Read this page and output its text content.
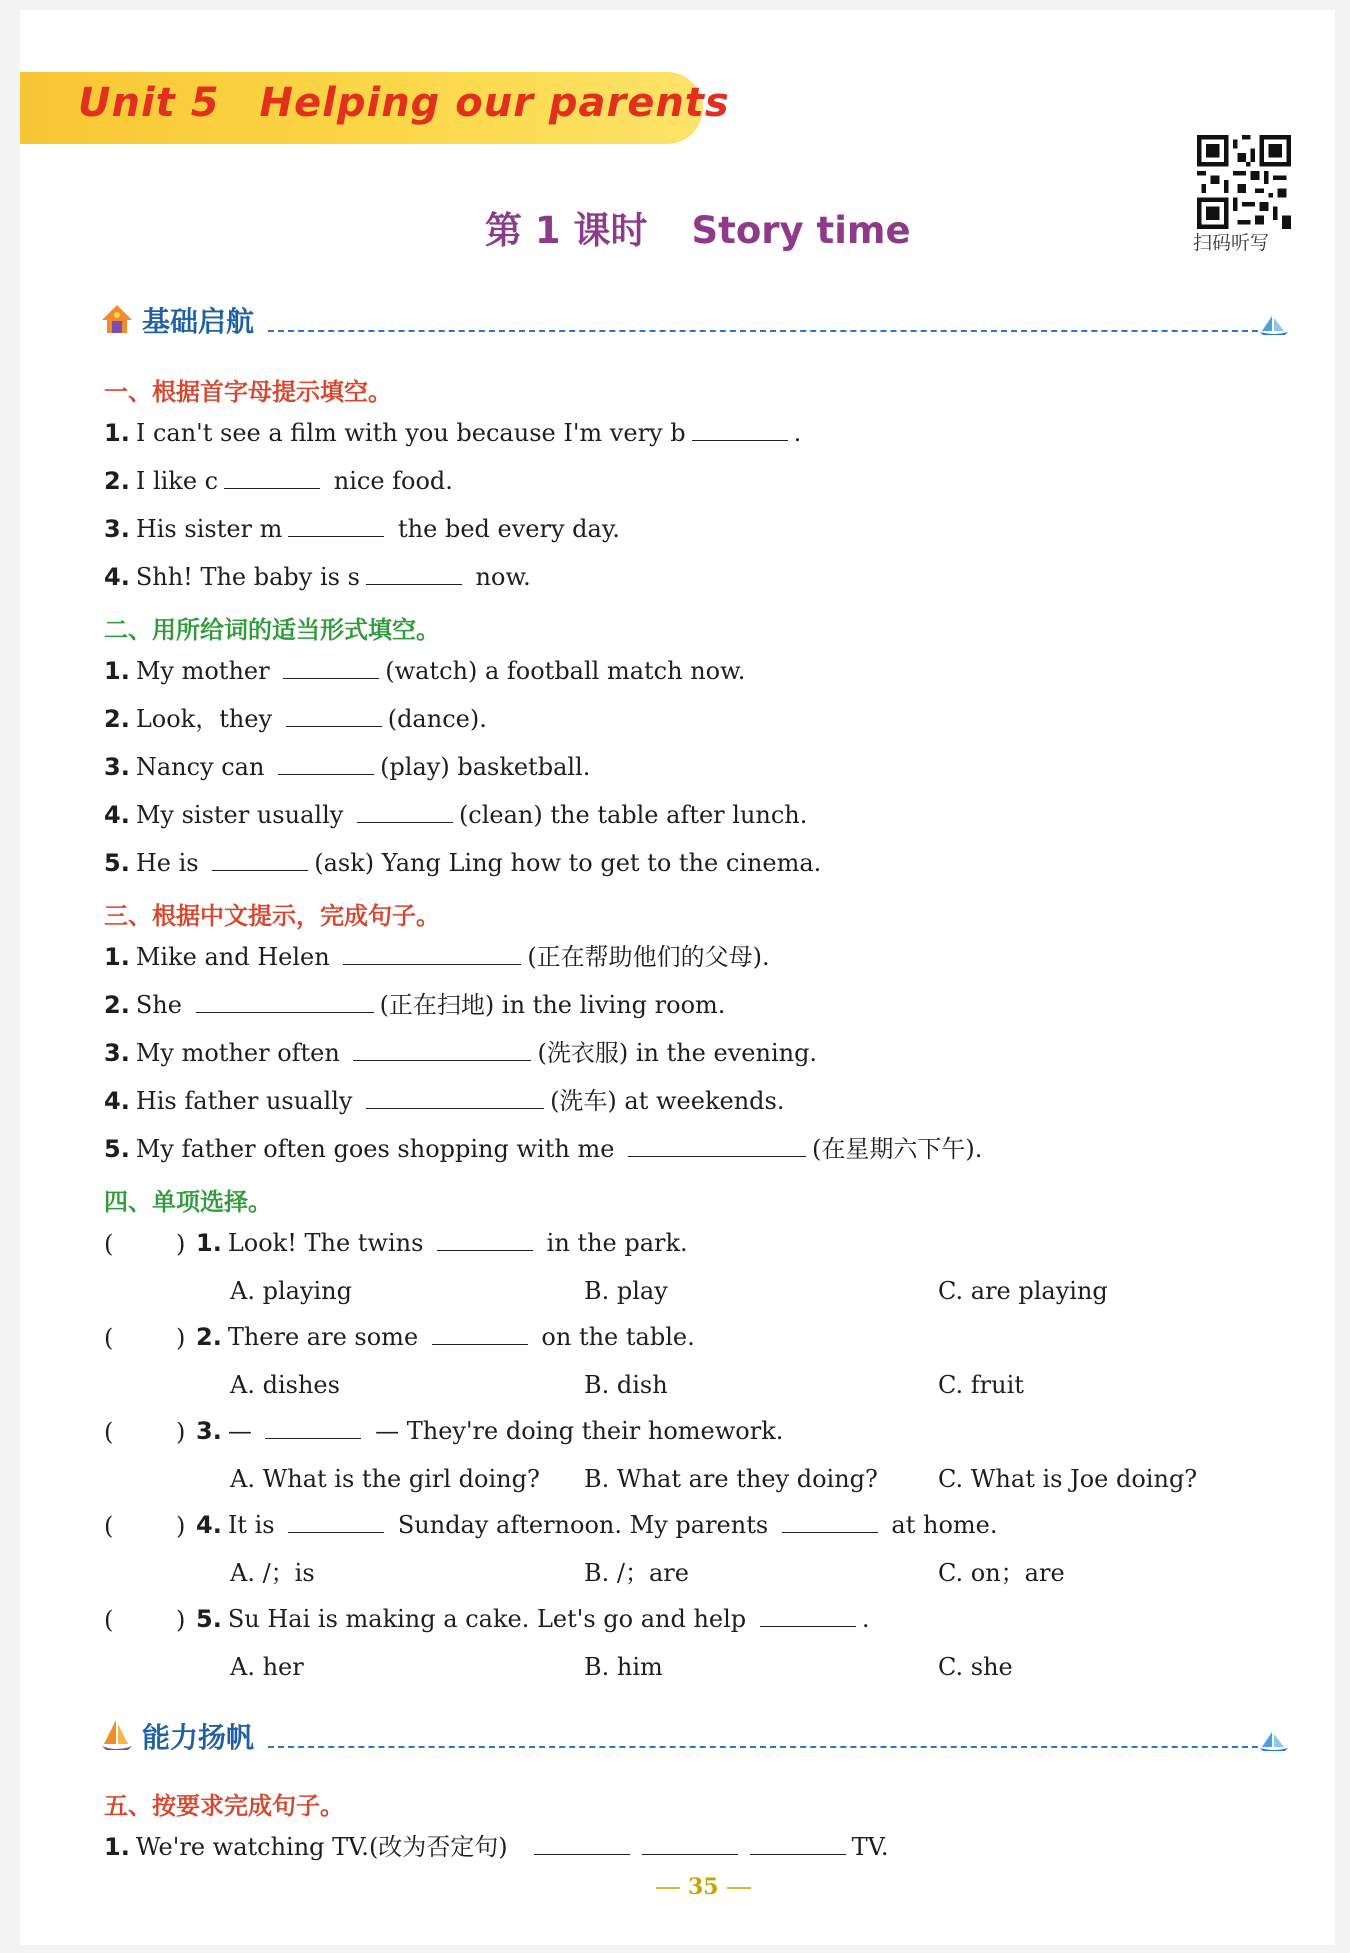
Unit 5 Helping our parents
第 1 课时 Story time	扫码听写
基础启航
一、根据首字母提示填空。
1. I can't see a film with you because I'm very b	.
2. I like c	nice food.
3. His sister m	the bed every day.
4. Shh! The baby is s	now.
二、用所给词的适当形式填空。
1. My mother	(watch) a football match now.
2. Look，they	(dance).
3. Nancy can	(play) basketball.
4. My sister usually	(clean) the table after lunch.
5. He is	(ask) Yang Ling how to get to the cinema.
三、根据中文提示，完成句子。
1. Mike and Helen	(正在帮助他们的父母).
2. She	(正在扫地) in the living room.
3. My mother often	(洗衣服) in the evening.
4. His father usually	(洗车) at weekends.
5. My father often goes shopping with me	(在星期六下午).
四、单项选择。
(	) 1. Look! The twins	in the park.
A. playing	B. play	C. are playing
(	) 2. There are some	on the table.
A. dishes	B. dish	C. fruit
(	) 3. —	— They're doing their homework.
A. What is the girl doing? B. What are they doing?	C. What is Joe doing?
(	) 4. It is	Sunday afternoon. My parents	at home.
A. /；is	B. /；are	C. on；are
(	) 5. Su Hai is making a cake. Let's go and help	.
A. her	B. him	C. she
能力扬帆
五、按要求完成句子。
1. We're watching TV.(改为否定句)	TV.
35
